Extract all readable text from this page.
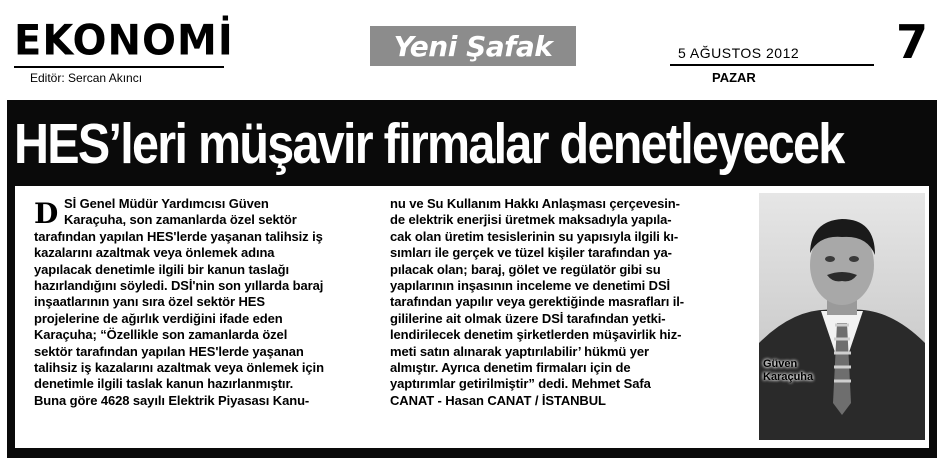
EKONOMİ
Editör: Sercan Akıncı
Yeni Şafak	5 AĞUSTOS 2012
PAZAR
7
HES’leri müşavir firmalar denetleyecek
D Sİ Genel Müdür Yardımcısı Güven
Karaçuha, son zamanlarda özel sektör
tarafından yapılan HES'lerde yaşanan talihsiz iş
kazalarını azaltmak veya önlemek adına
yapılacak denetimle ilgili bir kanun taslağı
hazırlandığını söyledi. DSİ'nin son yıllarda baraj
inşaatlarının yanı sıra özel sektör HES
projelerine de ağırlık verdiğini ifade eden
Karaçuha; “Özellikle son zamanlarda özel
sektör tarafından yapılan HES'lerde yaşanan
talihsiz iş kazalarını azaltmak veya önlemek için
denetimle ilgili taslak kanun hazırlanmıştır.
Buna göre 4628 sayılı Elektrik Piyasası Kanu-
nu ve Su Kullanım Hakkı Anlaşması çerçevesin-
de elektrik enerjisi üretmek maksadıyla yapıla-
cak olan üretim tesislerinin su yapısıyla ilgili kı-
sımları ile gerçek ve tüzel kişiler tarafından ya-
pılacak olan; baraj, gölet ve regülatör gibi su
yapılarının inşasının inceleme ve denetimi DSİ
tarafından yapılır veya gerektiğinde masrafları il-
gililerine ait olmak üzere DSİ tarafından yetki-
lendirilecek denetim şirketlerden müşavirlik hiz-
meti satın alınarak yaptırılabilir’ hükmü yer
almıştır. Ayrıca denetim firmaları için de
yaptırımlar getirilmiştir” dedi. Mehmet Safa
CANAT - Hasan CANAT / İSTANBUL
Güven
Karaçuha
